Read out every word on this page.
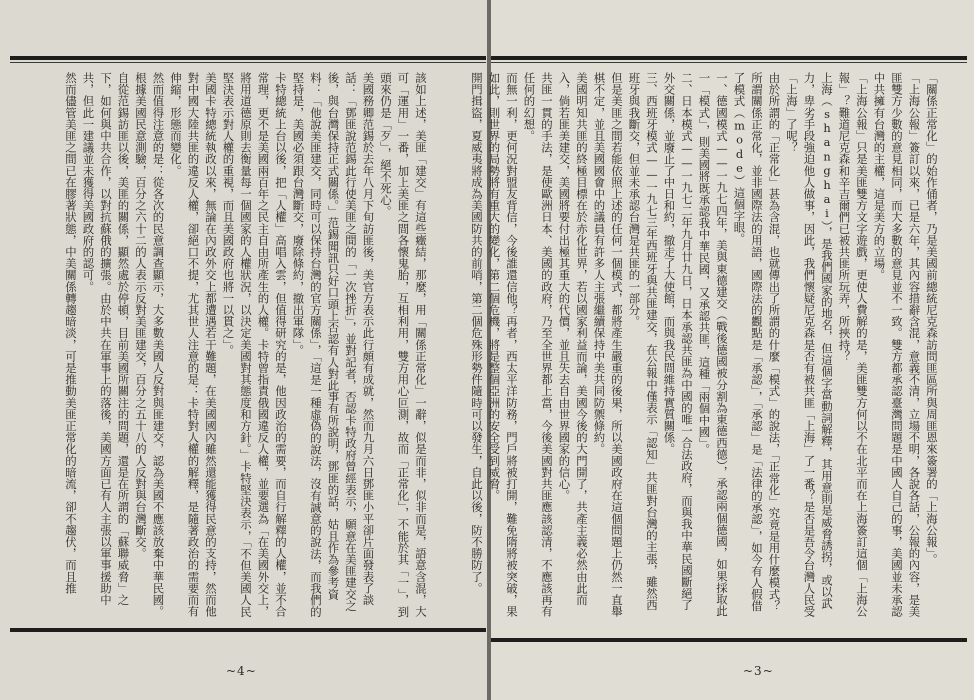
該如上述，美匪「建交」有這些癥結，那麼，用「關係正常化」一辭，似是而非，似非而是，語意含混，大可「運用」一番，加上美匪之間各懷鬼胎，互相利用，雙方用心叵測，故而「正常化」，不能於其「一」，到頭來仍是「歹」，絕不死心。

美國務卿范錫於去年八月下旬訪匪後，美官方表示此行頗有成就，然而九月六日鄧匪小平卻片面發表了談話：「鄧匪說范錫此行使美匪之間的「一次挫折」，並對記者，否認卡特政府曾經表示，願意在美匪建交之後，與台灣保持正式關係。」范錫聞訊只好口頭上否認有人對此事有所說明，鄧匪的話，姑且作為參考資料：「他說美匪建交，同時可以保持台灣的官方關係」，「這是一種虛偽的說法，沒有誠意的說法，而我們的堅持是，美國必須跟台灣斷交，廢除條約，撤出軍隊」。

卡特總統上台以後，把「人權」高唱入雲，但值得研究的是，他因政治的需要，而自行解釋的人權，並不合常理，更不是美國兩百年之民主自由所產生的人權。卡特曾指責俄國違反人權，並要選為「在美國外交上，將用道德原則去衡量每一個國家的人權狀況，以決定美國對其態度和方針。」卡特堅決表示，「不但美國人民堅決表示對人權的重視，而且美國政府也將一以貫之」。

美國卡特總統執政以來，無論在內政外交上都遭遇若干難題，在美國國內雖然還能獲得民意的支持，然而他對中國大陸共匪的違反人權，卻絕口不提，尤其世人注意的是：卡特對人權的解釋，是隨著政治的需要而有伸縮，形態而變化。

然而值得注意的是：從各次的民意調查顯示，大多數美國人反對與匪建交，認為美國不應該放棄中華民國。根據美國民意測驗，百分之六十二的人表示反對美匪建交，百分之五十八的人反對與台灣斷交。

自從范錫訪匪以後，美匪的關係，顯然處於停頓，目前美國所關注的問題，還是在所謂的「蘇聯威脅」之下，如何與中共合作，以對抗蘇俄的擴張。由於中共在軍事上的落後，美國方面已有人主張以軍事援助中共，但此一建議並未獲得美國政府的認可。

然而儘管美匪之間已在膠著狀態，中美關係轉趨暗淡，可是推動美匪正常化的暗流，卻不趨伏，而且推

~4~

「關係正常化」的始作俑者，乃是美國前總統尼克森訪問匪區所與周匪恩來簽署的「上海公報」。

「上海公報」簽訂以來，已是六年，其內容措辭含混，意義不清，立場不明，各說各話，公報的內容，是美匪雙方少數的意見相同，而大多數的意見並不一致。雙方都承認臺灣問題是中國人自己的事，美國並未承認中共擁有台灣的主權，這是美方的立場。

「上海公報」只是美匪雙方文字遊戲，更使人費解的是，美匪雙方何以不在北平而在上海簽訂這個「上海公報」？難道尼克森和辛吉爾們已被共匪所玩弄，所挾持？

上海（shanghai），是我們國家的地名，但這個字當動詞解釋，其用意則是威脅誘拐，或以武力，卑劣手段強迫他人做事，因此，我們懷疑尼克森是否有被共匪「上海」了一番？是否是吾令台灣人民受「上海」了呢？

由於所謂的「正常化」甚為含混，也就傳出了所謂的什麼「模式」的說法，「正常化」究竟是用什麼模式？所謂關係正常化，並非國際法的用語，國際法的觀點是「承認」，「承認」是「法律的承認」，如今有人假借了模式（mode）這個字眼。

一、德國模式——一九七四年，美與東德建交（戰後德國被分割為東德西德），承認兩個德國，如果採取此一「模式」，則美國將既承認我中華民國，又承認共匪，這種「兩個中國」。

二、日本模式——一九七二年九月廿九日，日本承認共匪為中國的唯一合法政府，而與我中華民國斷絕了外交關係，並廢止了中日和約，撤走了大使館，而與我民間維持實質關係。

三、西班牙模式——一九七三年西班牙與共匪建交，在公報中僅表示「認知」共匪對台灣的主張，雖然西班牙與我斷交，但並未承認台灣是共匪的一部分。

但是美匪之間若能依照上述的任何一個模式，都將產生嚴重的後果，所以美國政府在這個問題上仍然一直舉棋不定，並且美國國會中的議員有許多人主張繼續保持中美共同防禦條約。

美國明知共匪的終極目標在於赤化世界，若以國家利益而論，美國今後的大門開了，共產主義必然由此而入，倘若匪美建交，美國將要付出極其重大的代價，並且失去自由世界國家的信心。

共匪一貫的手法，是使歐洲日本、美國的政府，乃至全世界都上當，今後美國對共匪應該認清，不應該再有任何的幻想。

而無一利，更何況對盟友背信，今後誰還信他？再者，西太平洋防務，門戶將被打開，難免隋將被突破，果如此，則世界的局勢將有重大的變化，第二個危機，將是整個亞洲的安全受到威脅。

開門揖盜，夏威夷將成為美國防共的前哨，第二個危殊形勢件隨時可以發生，自此以後，防不勝防了。

~3~
